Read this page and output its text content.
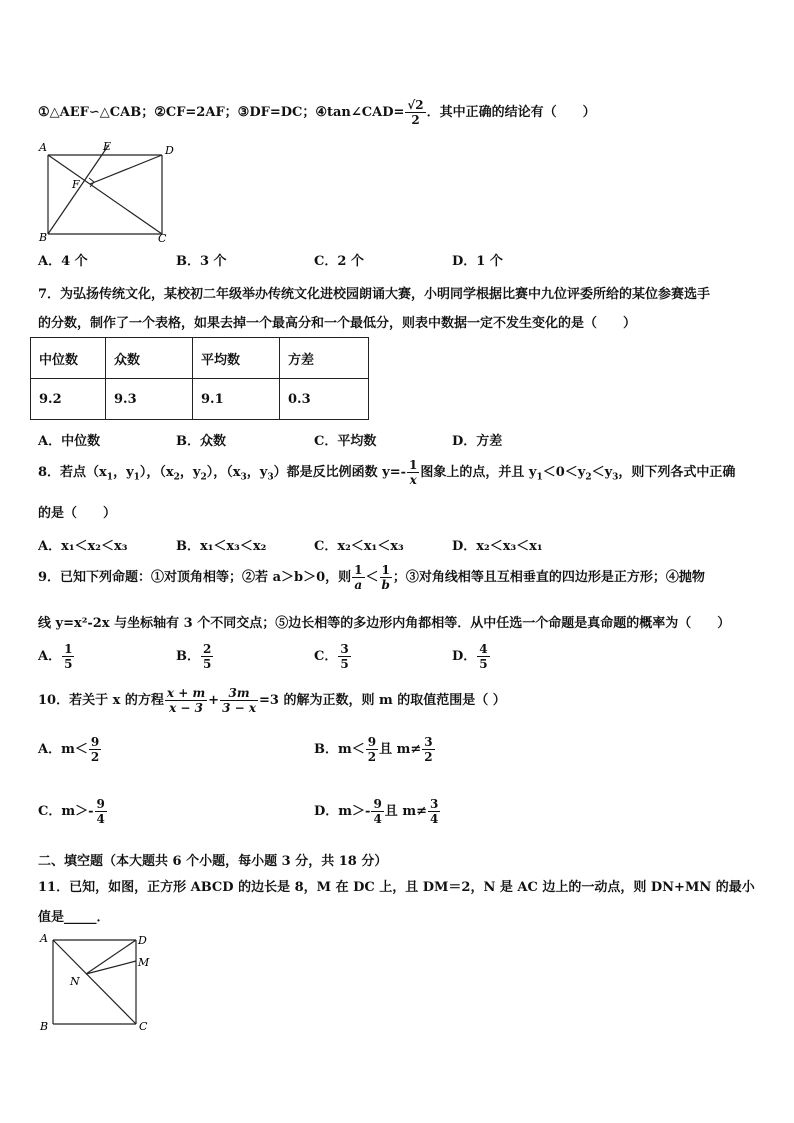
①△AEF∽△CAB；②CF=2AF；③DF=DC；④tan∠CAD= $\frac{√2}{2}$ ．其中正确的结论有（　　）
A	E	D
F
B	C
A．4 个	B．3 个	C．2 个	D．1 个
7．为弘扬传统文化，某校初二年级举办传统文化进校园朗诵大赛，小明同学根据比赛中九位评委所给的某位参赛选手
的分数，制作了一个表格，如果去掉一个最高分和一个最低分，则表中数据一定不发生变化的是（　　）
中位数	众数	平均数	方差
9.2	9.3	9.1	0.3
A．中位数	B．众数	C．平均数	D．方差
8．若点（$x_1$，$y_1$），（$x_2$，$y_2$），（$x_3$，$y_3$）都是反比例函数 $y=- \frac{1}{x}$ 图象上的点，并且 $y_1<0<y_2<y_3$，则下列各式中正确
的是（　　）
A．x₁＜x₂＜x₃	B．x₁＜x₃＜x₂	C．x₂＜x₁＜x₃	D．x₂＜x₃＜x₁
9．已知下列命题：①对顶角相等；②若 a＞b＞0，则 $\frac{1}{a} < \frac{1}{b}$ ；③对角线相等且互相垂直的四边形是正方形；④抛物
线 y=x²-2x 与坐标轴有 3 个不同交点；⑤边长相等的多边形内角都相等．从中任选一个命题是真命题的概率为（　　）
A． $\frac{1}{5}$	B． $\frac{2}{5}$	C． $\frac{3}{5}$	D． $\frac{4}{5}$
10．若关于 x 的方程 $\frac{x + m}{x - 3} + \frac{3m}{3 - x} =3$ 的解为正数，则 m 的取值范围是（ ）
A．$m< \frac{9}{2}$	B．$m< \frac{9}{2}$ 且 $m\ne \frac{3}{2}$
C．$m>- \frac{9}{4}$	D．$m>- \frac{9}{4}$ 且 $m\ne \frac{3}{4}$
二、填空题（本大题共 6 个小题，每小题 3 分，共 18 分）
11．已知，如图，正方形 ABCD 的边长是 8，M 在 DC 上，且 DM＝2，N 是 AC 边上的一动点，则 DN+MN 的最小
值是_____．
A	D
M
N
B	C
